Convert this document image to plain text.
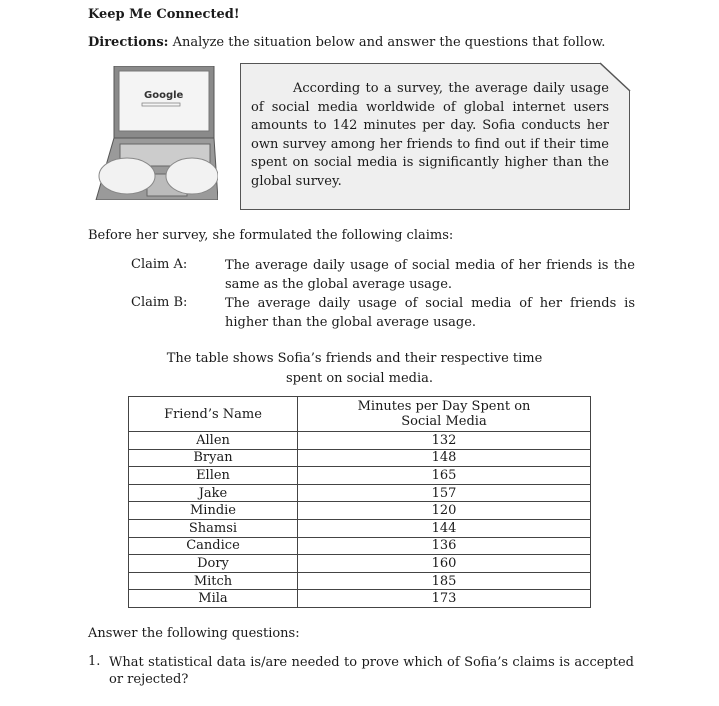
Keep Me Connected!
Directions: Analyze the situation below and answer the questions that follow.
Google	According to a survey, the average daily usage of social media worldwide of global internet users amounts to 142 minutes per day. Sofia conducts her own survey among her friends to find out if their time spent on social media is significantly higher than the global survey.
Before her survey, she formulated the following claims:
Claim A:	The average daily usage of social media of her friends is the same as the global average usage.
Claim B:	The average daily usage of social media of her friends is higher than the global average usage.
The table shows Sofia’s friends and their respective time
spent on social media.
Friend’s Name	Minutes per Day Spent on Social Media
Allen	132
Bryan	148
Ellen	165
Jake	157
Mindie	120
Shamsi	144
Candice	136
Dory	160
Mitch	185
Mila	173
Answer the following questions:
1. What statistical data is/are needed to prove which of Sofia’s claims is accepted or rejected?
